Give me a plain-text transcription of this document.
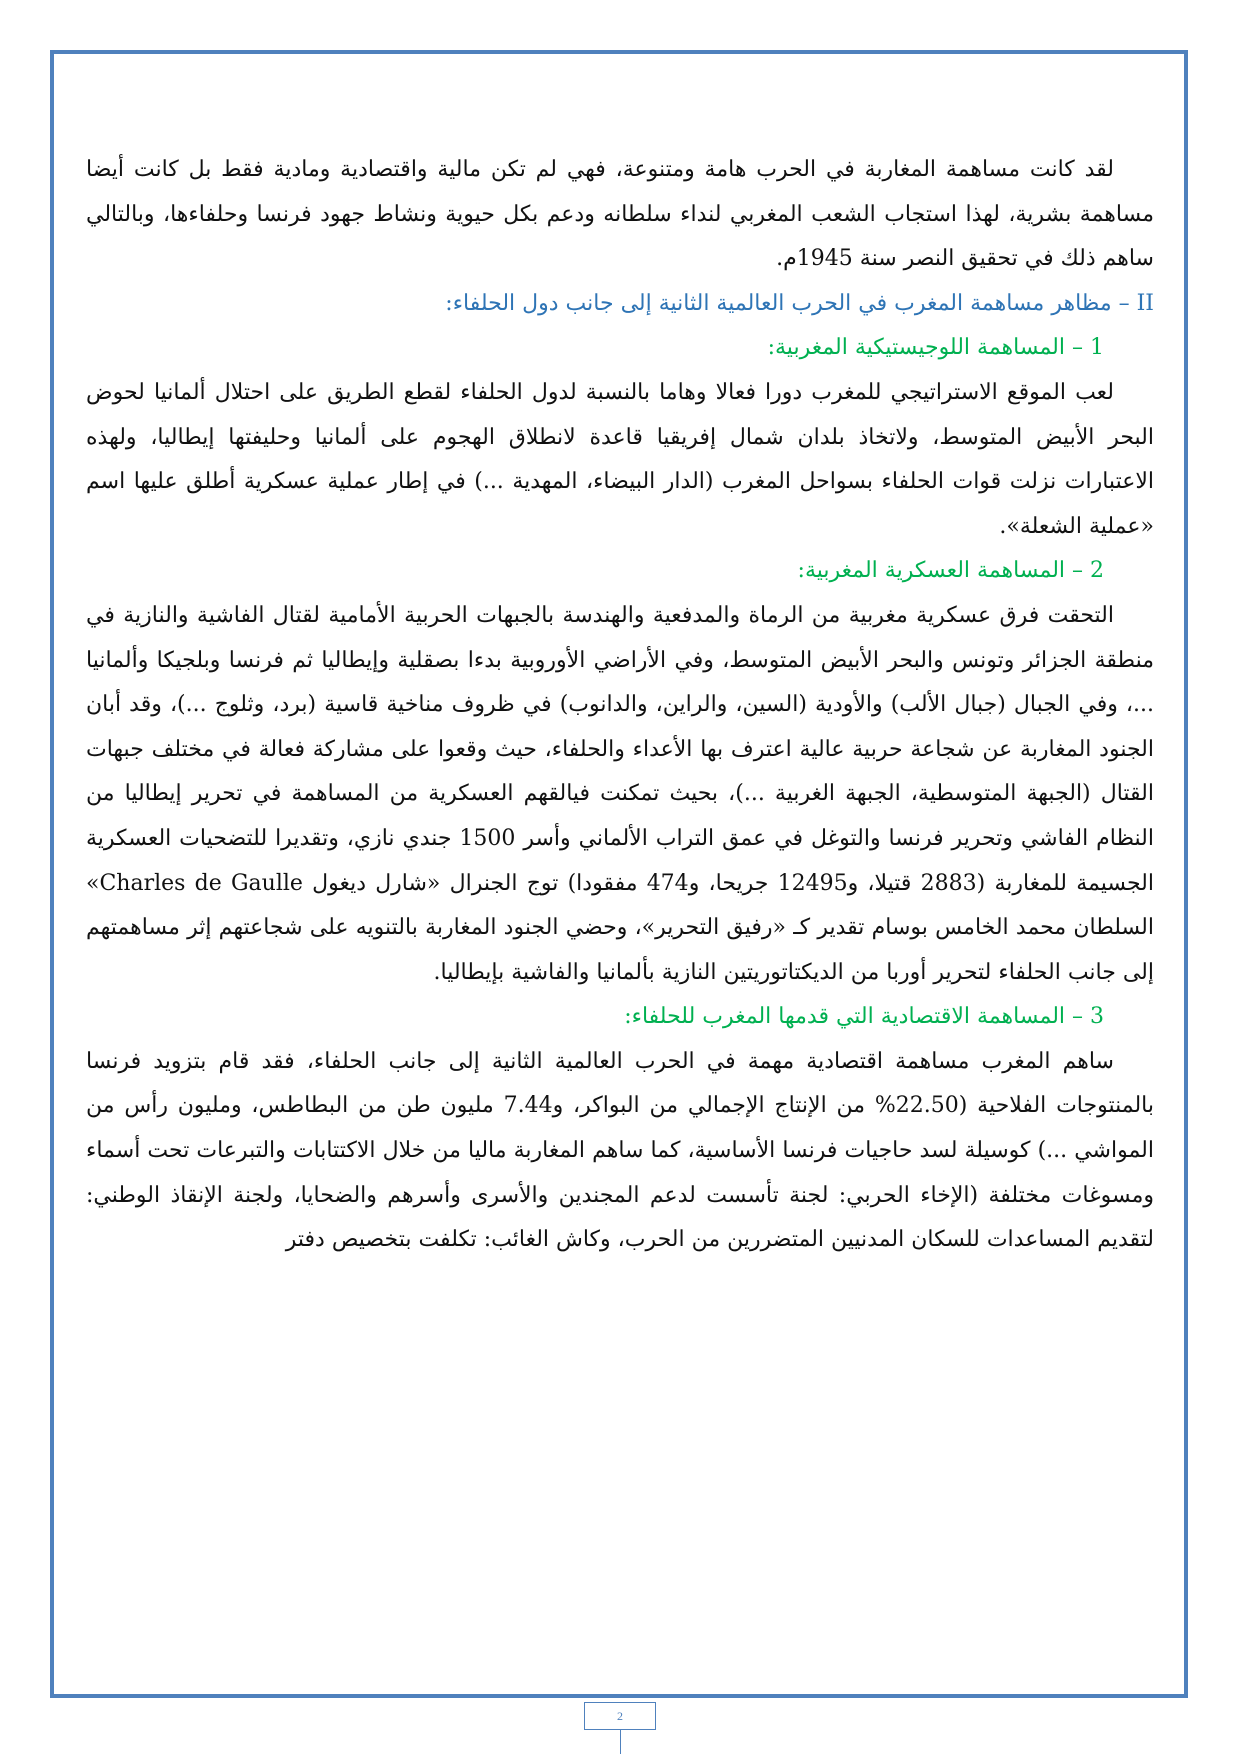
لقد كانت مساهمة المغاربة في الحرب هامة ومتنوعة، فهي لم تكن مالية واقتصادية ومادية فقط بل كانت أيضا مساهمة بشرية، لهذا استجاب الشعب المغربي لنداء سلطانه ودعم بكل حيوية ونشاط جهود فرنسا وحلفاءها، وبالتالي ساهم ذلك في تحقيق النصر سنة 1945م.

II – مظاهر مساهمة المغرب في الحرب العالمية الثانية إلى جانب دول الحلفاء:
1 – المساهمة اللوجيستيكية المغربية:

لعب الموقع الاستراتيجي للمغرب دورا فعالا وهاما بالنسبة لدول الحلفاء لقطع الطريق على احتلال ألمانيا لحوض البحر الأبيض المتوسط، ولاتخاذ بلدان شمال إفريقيا قاعدة لانطلاق الهجوم على ألمانيا وحليفتها إيطاليا، ولهذه الاعتبارات نزلت قوات الحلفاء بسواحل المغرب (الدار البيضاء، المهدية ...) في إطار عملية عسكرية أطلق عليها اسم «عملية الشعلة».

2 – المساهمة العسكرية المغربية:

التحقت فرق عسكرية مغربية من الرماة والمدفعية والهندسة بالجبهات الحربية الأمامية لقتال الفاشية والنازية في منطقة الجزائر وتونس والبحر الأبيض المتوسط، وفي الأراضي الأوروبية بدءا بصقلية وإيطاليا ثم فرنسا وبلجيكا وألمانيا ...، وفي الجبال (جبال الألب) والأودية (السين، والراين، والدانوب) في ظروف مناخية قاسية (برد، وثلوج ...)، وقد أبان الجنود المغاربة عن شجاعة حربية عالية اعترف بها الأعداء والحلفاء، حيث وقعوا على مشاركة فعالة في مختلف جبهات القتال (الجبهة المتوسطية، الجبهة الغربية ...)، بحيث تمكنت فيالقهم العسكرية من المساهمة في تحرير إيطاليا من النظام الفاشي وتحرير فرنسا والتوغل في عمق التراب الألماني وأسر 1500 جندي نازي، وتقديرا للتضحيات العسكرية الجسيمة للمغاربة (2883 قتيلا، و12495 جريحا، و474 مفقودا) توج الجنرال «شارل ديغول Charles de Gaulle» السلطان محمد الخامس بوسام تقدير كـ «رفيق التحرير»، وحضي الجنود المغاربة بالتنويه على شجاعتهم إثر مساهمتهم إلى جانب الحلفاء لتحرير أوربا من الديكتاتوريتين النازية بألمانيا والفاشية بإيطاليا.

3 – المساهمة الاقتصادية التي قدمها المغرب للحلفاء:

ساهم المغرب مساهمة اقتصادية مهمة في الحرب العالمية الثانية إلى جانب الحلفاء، فقد قام بتزويد فرنسا بالمنتوجات الفلاحية (22.50% من الإنتاج الإجمالي من البواكر، و7.44 مليون طن من البطاطس، ومليون رأس من المواشي ...) كوسيلة لسد حاجيات فرنسا الأساسية، كما ساهم المغاربة ماليا من خلال الاكتتابات والتبرعات تحت أسماء ومسوغات مختلفة (الإخاء الحربي: لجنة تأسست لدعم المجندين والأسرى وأسرهم والضحايا، ولجنة الإنقاذ الوطني: لتقديم المساعدات للسكان المدنيين المتضررين من الحرب، وكاش الغائب: تكلفت بتخصيص دفتر

2
